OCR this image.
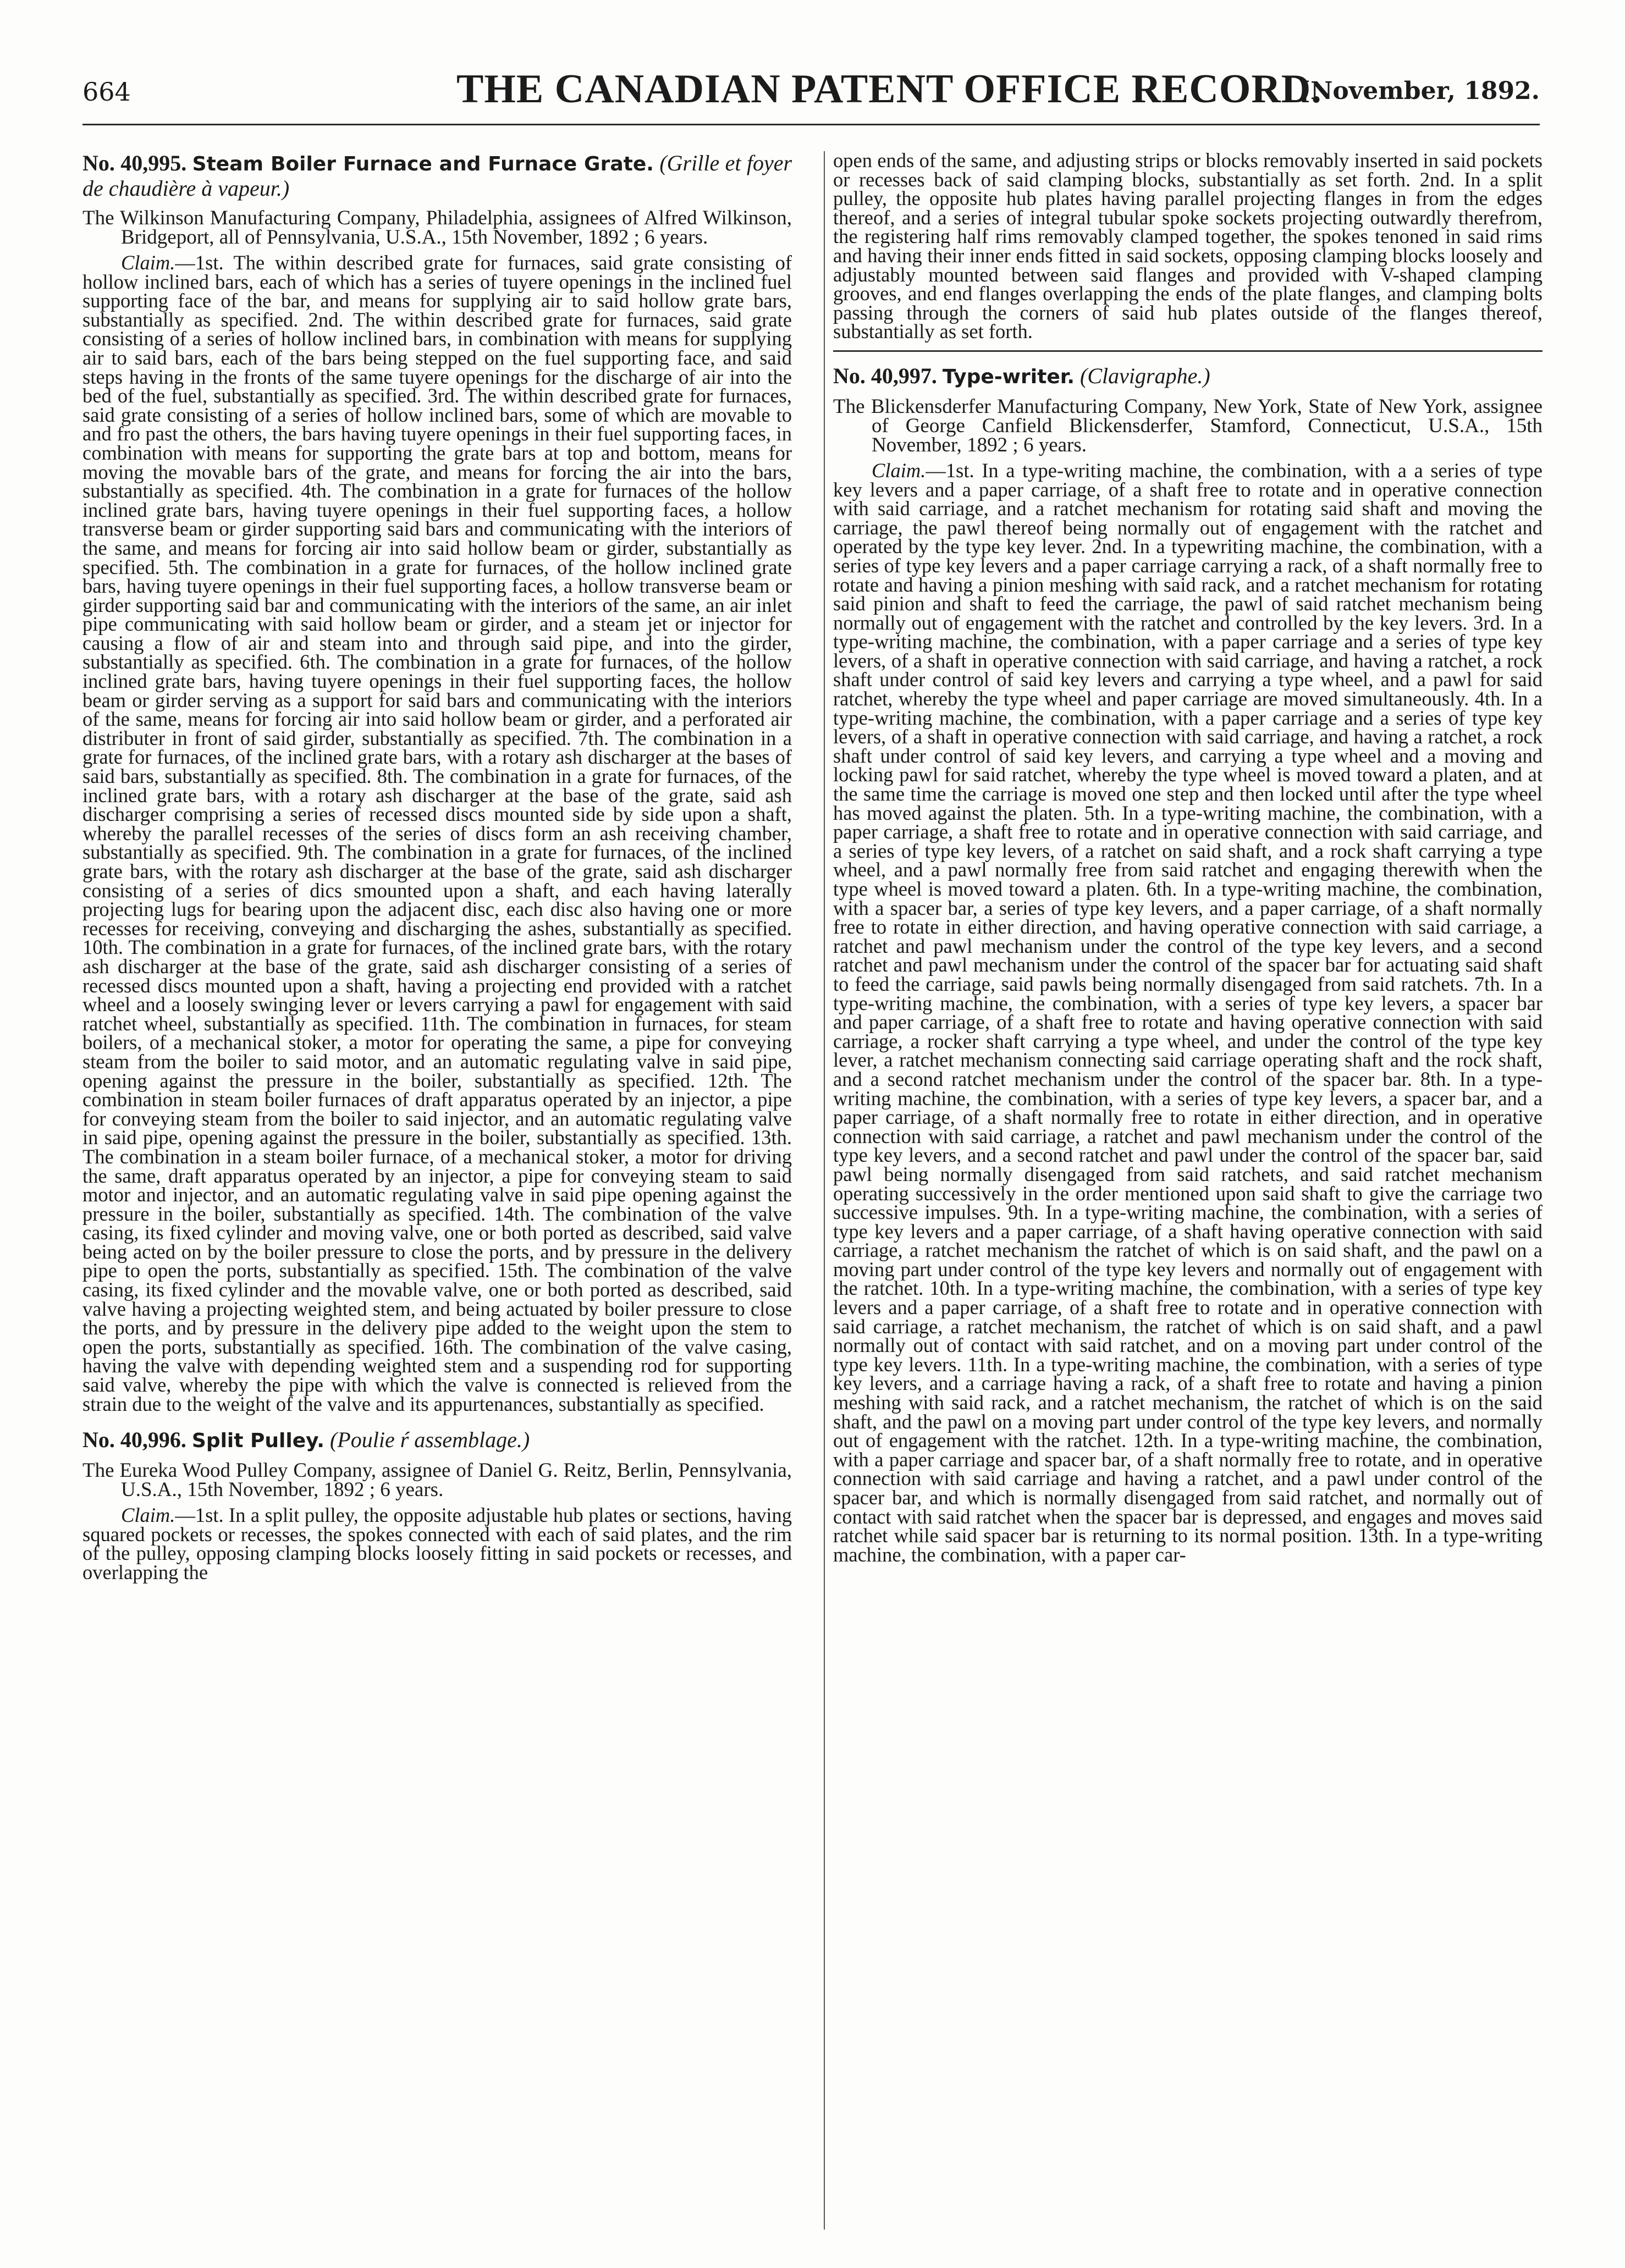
664	THE CANADIAN PATENT OFFICE RECORD.
[November, 1892.
No. 40,995. Steam Boiler Furnace and Furnace Grate. (Grille et foyer de chaudière à vapeur.)
The Wilkinson Manufacturing Company, Philadelphia, assignees of Alfred Wilkinson, Bridgeport, all of Pennsylvania, U.S.A., 15th November, 1892 ; 6 years.

Claim.—1st. The within described grate for furnaces, said grate consisting of hollow inclined bars, each of which has a series of tuyere openings in the inclined fuel supporting face of the bar, and means for supplying air to said hollow grate bars, substantially as specified. 2nd. The within described grate for furnaces, said grate consisting of a series of hollow inclined bars, in combination with means for supplying air to said bars, each of the bars being stepped on the fuel supporting face, and said steps having in the fronts of the same tuyere openings for the discharge of air into the bed of the fuel, substantially as specified. 3rd. The within described grate for furnaces, said grate consisting of a series of hollow inclined bars, some of which are movable to and fro past the others, the bars having tuyere openings in their fuel supporting faces, in combination with means for supporting the grate bars at top and bottom, means for moving the movable bars of the grate, and means for forcing the air into the bars, substantially as specified. 4th. The combination in a grate for furnaces of the hollow inclined grate bars, having tuyere openings in their fuel supporting faces, a hollow transverse beam or girder supporting said bars and communicating with the interiors of the same, and means for forcing air into said hollow beam or girder, substantially as specified. 5th. The combination in a grate for furnaces, of the hollow inclined grate bars, having tuyere openings in their fuel supporting faces, a hollow transverse beam or girder supporting said bar and communicating with the interiors of the same, an air inlet pipe communicating with said hollow beam or girder, and a steam jet or injector for causing a flow of air and steam into and through said pipe, and into the girder, substantially as specified. 6th. The combination in a grate for furnaces, of the hollow inclined grate bars, having tuyere openings in their fuel supporting faces, the hollow beam or girder serving as a support for said bars and communicating with the interiors of the same, means for forcing air into said hollow beam or girder, and a perforated air distributer in front of said girder, substantially as specified. 7th. The combination in a grate for furnaces, of the inclined grate bars, with a rotary ash discharger at the bases of said bars, substantially as specified. 8th. The combination in a grate for furnaces, of the inclined grate bars, with a rotary ash discharger at the base of the grate, said ash discharger comprising a series of recessed discs mounted side by side upon a shaft, whereby the parallel recesses of the series of discs form an ash receiving chamber, substantially as specified. 9th. The combination in a grate for furnaces, of the inclined grate bars, with the rotary ash discharger at the base of the grate, said ash discharger consisting of a series of dics smounted upon a shaft, and each having laterally projecting lugs for bearing upon the adjacent disc, each disc also having one or more recesses for receiving, conveying and discharging the ashes, substantially as specified. 10th. The combination in a grate for furnaces, of the inclined grate bars, with the rotary ash discharger at the base of the grate, said ash discharger consisting of a series of recessed discs mounted upon a shaft, having a projecting end provided with a ratchet wheel and a loosely swinging lever or levers carrying a pawl for engagement with said ratchet wheel, substantially as specified. 11th. The combination in furnaces, for steam boilers, of a mechanical stoker, a motor for operating the same, a pipe for conveying steam from the boiler to said motor, and an automatic regulating valve in said pipe, opening against the pressure in the boiler, substantially as specified. 12th. The combination in steam boiler furnaces of draft apparatus operated by an injector, a pipe for conveying steam from the boiler to said injector, and an automatic regulating valve in said pipe, opening against the pressure in the boiler, substantially as specified. 13th. The combination in a steam boiler furnace, of a mechanical stoker, a motor for driving the same, draft apparatus operated by an injector, a pipe for conveying steam to said motor and injector, and an automatic regulating valve in said pipe opening against the pressure in the boiler, substantially as specified. 14th. The combination of the valve casing, its fixed cylinder and moving valve, one or both ported as described, said valve being acted on by the boiler pressure to close the ports, and by pressure in the delivery pipe to open the ports, substantially as specified. 15th. The combination of the valve casing, its fixed cylinder and the movable valve, one or both ported as described, said valve having a projecting weighted stem, and being actuated by boiler pressure to close the ports, and by pressure in the delivery pipe added to the weight upon the stem to open the ports, substantially as specified. 16th. The combination of the valve casing, having the valve with depending weighted stem and a suspending rod for supporting said valve, whereby the pipe with which the valve is connected is relieved from the strain due to the weight of the valve and its appurtenances, substantially as specified.

No. 40,996. Split Pulley. (Poulie ŕ assemblage.)
The Eureka Wood Pulley Company, assignee of Daniel G. Reitz, Berlin, Pennsylvania, U.S.A., 15th November, 1892 ; 6 years.

Claim.—1st. In a split pulley, the opposite adjustable hub plates or sections, having squared pockets or recesses, the spokes connected with each of said plates, and the rim of the pulley, opposing clamping blocks loosely fitting in said pockets or recesses, and overlapping the

open ends of the same, and adjusting strips or blocks removably inserted in said pockets or recesses back of said clamping blocks, substantially as set forth. 2nd. In a split pulley, the opposite hub plates having parallel projecting flanges in from the edges thereof, and a series of integral tubular spoke sockets projecting outwardly therefrom, the registering half rims removably clamped together, the spokes tenoned in said rims and having their inner ends fitted in said sockets, opposing clamping blocks loosely and adjustably mounted between said flanges and provided with V-shaped clamping grooves, and end flanges overlapping the ends of the plate flanges, and clamping bolts passing through the corners of said hub plates outside of the flanges thereof, substantially as set forth.

No. 40,997. Type-writer. (Clavigraphe.)
The Blickensderfer Manufacturing Company, New York, State of New York, assignee of George Canfield Blickensderfer, Stamford, Connecticut, U.S.A., 15th November, 1892 ; 6 years.

Claim.—1st. In a type-writing machine, the combination, with a a series of type key levers and a paper carriage, of a shaft free to rotate and in operative connection with said carriage, and a ratchet mechanism for rotating said shaft and moving the carriage, the pawl thereof being normally out of engagement with the ratchet and operated by the type key lever. 2nd. In a typewriting machine, the combination, with a series of type key levers and a paper carriage carrying a rack, of a shaft normally free to rotate and having a pinion meshing with said rack, and a ratchet mechanism for rotating said pinion and shaft to feed the carriage, the pawl of said ratchet mechanism being normally out of engagement with the ratchet and controlled by the key levers. 3rd. In a type-writing machine, the combination, with a paper carriage and a series of type key levers, of a shaft in operative connection with said carriage, and having a ratchet, a rock shaft under control of said key levers and carrying a type wheel, and a pawl for said ratchet, whereby the type wheel and paper carriage are moved simultaneously. 4th. In a type-writing machine, the combination, with a paper carriage and a series of type key levers, of a shaft in operative connection with said carriage, and having a ratchet, a rock shaft under control of said key levers, and carrying a type wheel and a moving and locking pawl for said ratchet, whereby the type wheel is moved toward a platen, and at the same time the carriage is moved one step and then locked until after the type wheel has moved against the platen. 5th. In a type-writing machine, the combination, with a paper carriage, a shaft free to rotate and in operative connection with said carriage, and a series of type key levers, of a ratchet on said shaft, and a rock shaft carrying a type wheel, and a pawl normally free from said ratchet and engaging therewith when the type wheel is moved toward a platen. 6th. In a type-writing machine, the combination, with a spacer bar, a series of type key levers, and a paper carriage, of a shaft normally free to rotate in either direction, and having operative connection with said carriage, a ratchet and pawl mechanism under the control of the type key levers, and a second ratchet and pawl mechanism under the control of the spacer bar for actuating said shaft to feed the carriage, said pawls being normally disengaged from said ratchets. 7th. In a type-writing machine, the combination, with a series of type key levers, a spacer bar and paper carriage, of a shaft free to rotate and having operative connection with said carriage, a rocker shaft carrying a type wheel, and under the control of the type key lever, a ratchet mechanism connecting said carriage operating shaft and the rock shaft, and a second ratchet mechanism under the control of the spacer bar. 8th. In a type-writing machine, the combination, with a series of type key levers, a spacer bar, and a paper carriage, of a shaft normally free to rotate in either direction, and in operative connection with said carriage, a ratchet and pawl mechanism under the control of the type key levers, and a second ratchet and pawl under the control of the spacer bar, said pawl being normally disengaged from said ratchets, and said ratchet mechanism operating successively in the order mentioned upon said shaft to give the carriage two successive impulses. 9th. In a type-writing machine, the combination, with a series of type key levers and a paper carriage, of a shaft having operative connection with said carriage, a ratchet mechanism the ratchet of which is on said shaft, and the pawl on a moving part under control of the type key levers and normally out of engagement with the ratchet. 10th. In a type-writing machine, the combination, with a series of type key levers and a paper carriage, of a shaft free to rotate and in operative connection with said carriage, a ratchet mechanism, the ratchet of which is on said shaft, and a pawl normally out of contact with said ratchet, and on a moving part under control of the type key levers. 11th. In a type-writing machine, the combination, with a series of type key levers, and a carriage having a rack, of a shaft free to rotate and having a pinion meshing with said rack, and a ratchet mechanism, the ratchet of which is on the said shaft, and the pawl on a moving part under control of the type key levers, and normally out of engagement with the ratchet. 12th. In a type-writing machine, the combination, with a paper carriage and spacer bar, of a shaft normally free to rotate, and in operative connection with said carriage and having a ratchet, and a pawl under control of the spacer bar, and which is normally disengaged from said ratchet, and normally out of contact with said ratchet when the spacer bar is depressed, and engages and moves said ratchet while said spacer bar is returning to its normal position. 13th. In a type-writing machine, the combination, with a paper car-
